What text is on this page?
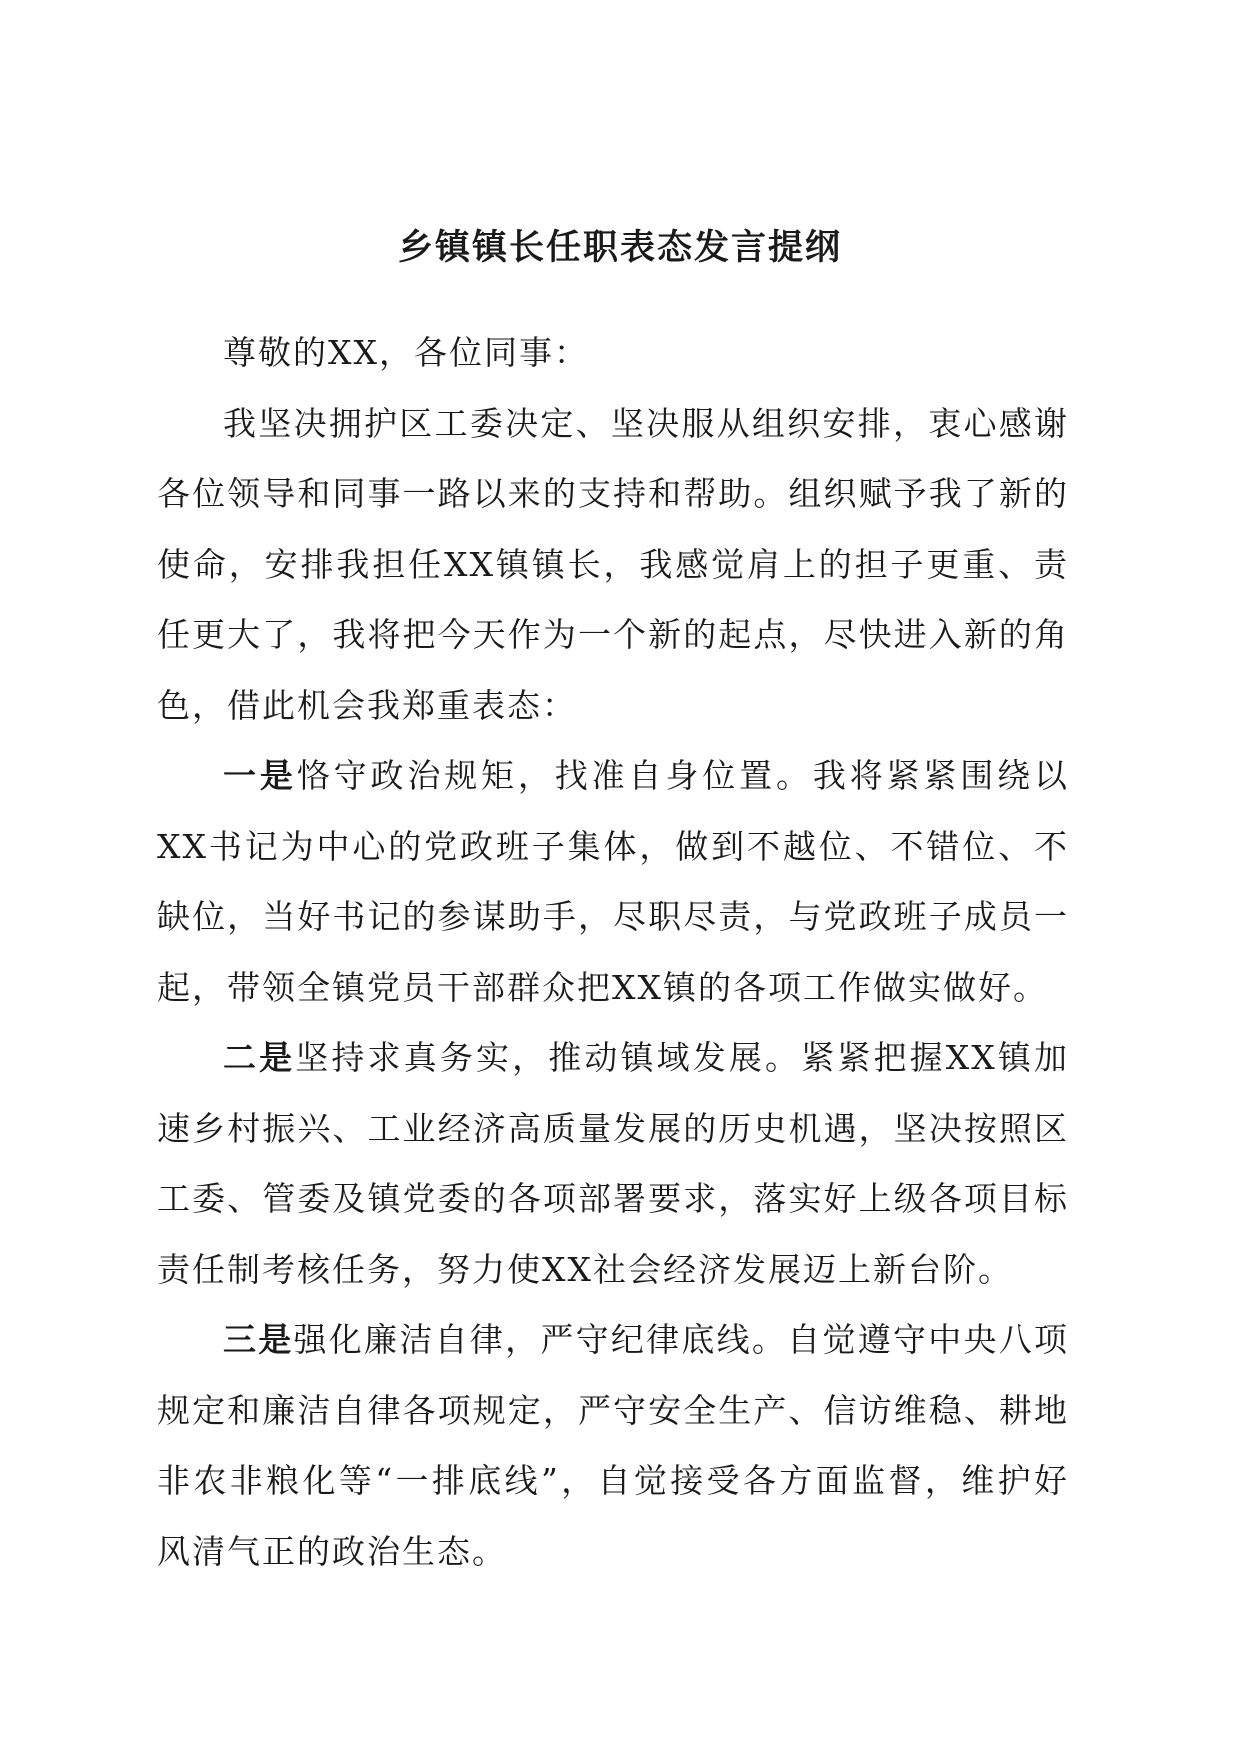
乡镇镇长任职表态发言提纲

尊敬的XX，各位同事：

我坚决拥护区工委决定、坚决服从组织安排，衷心感谢各位领导和同事一路以来的支持和帮助。组织赋予我了新的使命，安排我担任XX镇镇长，我感觉肩上的担子更重、责任更大了，我将把今天作为一个新的起点，尽快进入新的角色，借此机会我郑重表态：

一是恪守政治规矩，找准自身位置。我将紧紧围绕以XX书记为中心的党政班子集体，做到不越位、不错位、不缺位，当好书记的参谋助手，尽职尽责，与党政班子成员一起，带领全镇党员干部群众把XX镇的各项工作做实做好。

二是坚持求真务实，推动镇域发展。紧紧把握XX镇加速乡村振兴、工业经济高质量发展的历史机遇，坚决按照区工委、管委及镇党委的各项部署要求，落实好上级各项目标责任制考核任务，努力使XX社会经济发展迈上新台阶。

三是强化廉洁自律，严守纪律底线。自觉遵守中央八项规定和廉洁自律各项规定，严守安全生产、信访维稳、耕地非农非粮化等“一排底线”，自觉接受各方面监督，维护好风清气正的政治生态。
